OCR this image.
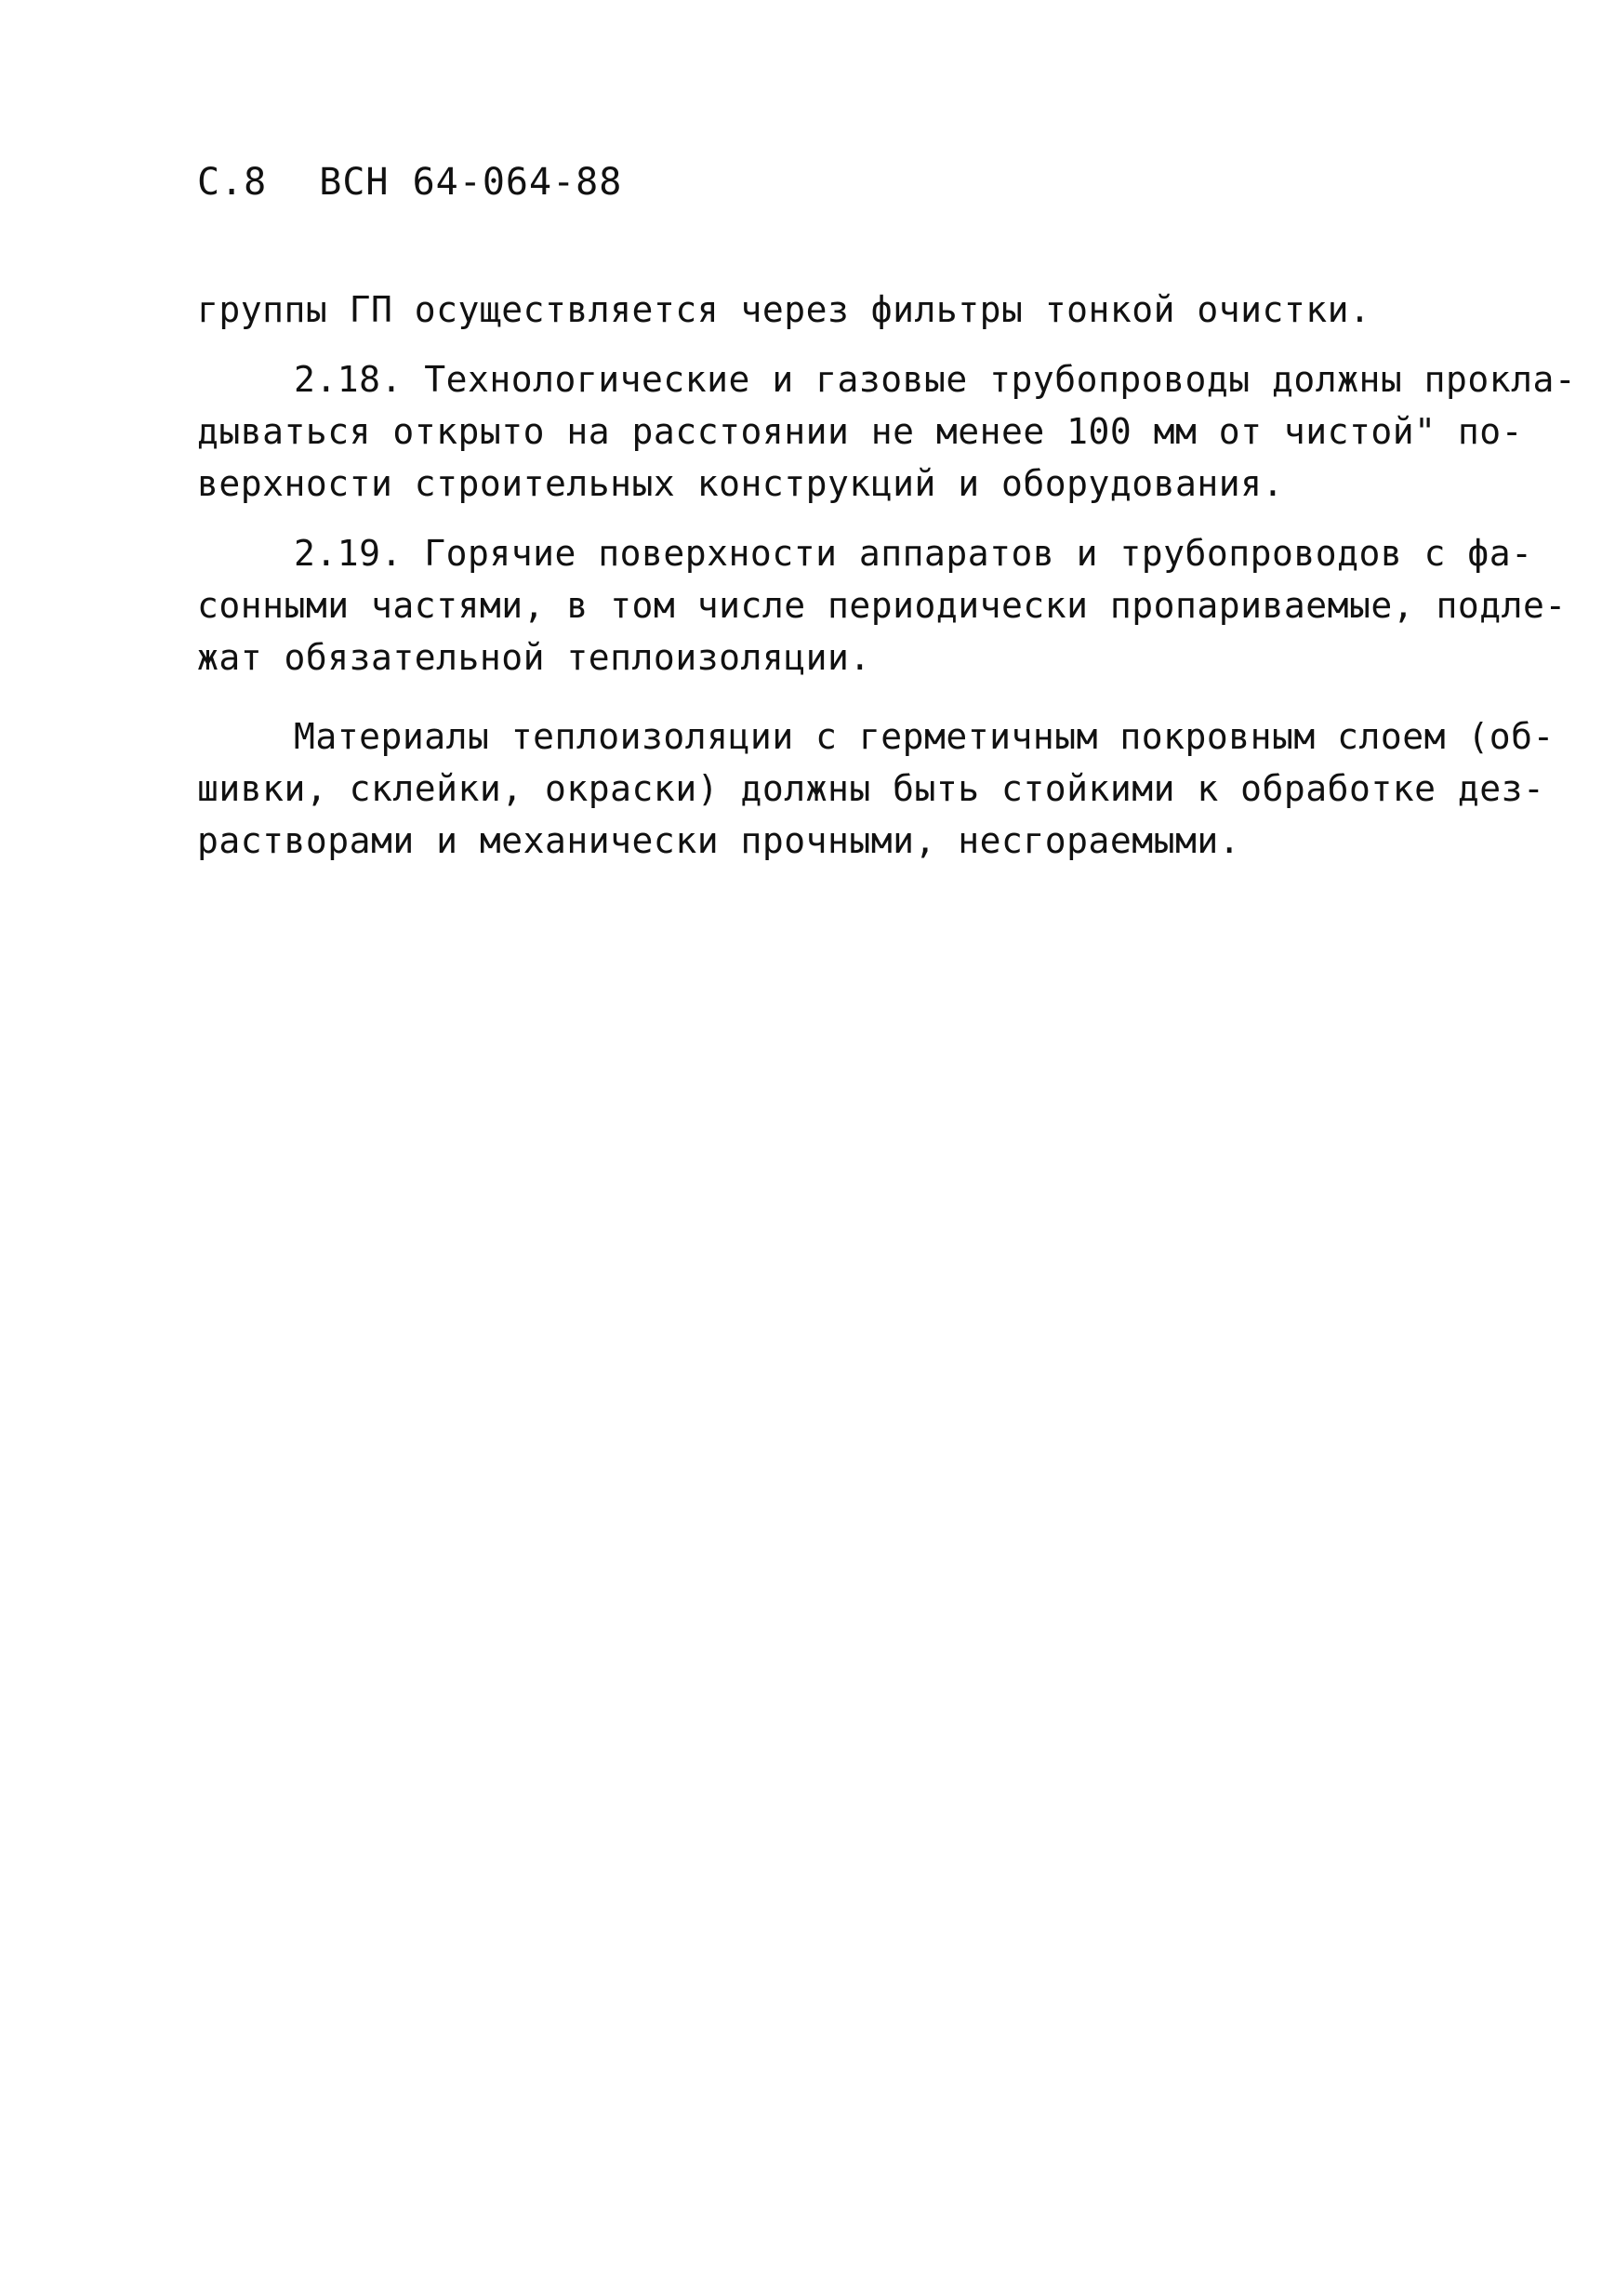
С.8 ВСН 64-064-88
группы ГП осуществляется через фильтры тонкой очистки.
2.18. Технологические и газовые трубопроводы должны прокла-
дываться открыто на расстоянии не менее 100 мм от чистой" по-
верхности строительных конструкций и оборудования.
2.19. Горячие поверхности аппаратов и трубопроводов с фа-
сонными частями, в том числе периодически пропариваемые, подле-
жат обязательной теплоизоляции.
Материалы теплоизоляции с герметичным покровным слоем (об-
шивки, склейки, окраски) должны быть стойкими к обработке дез-
растворами и механически прочными, несгораемыми.
